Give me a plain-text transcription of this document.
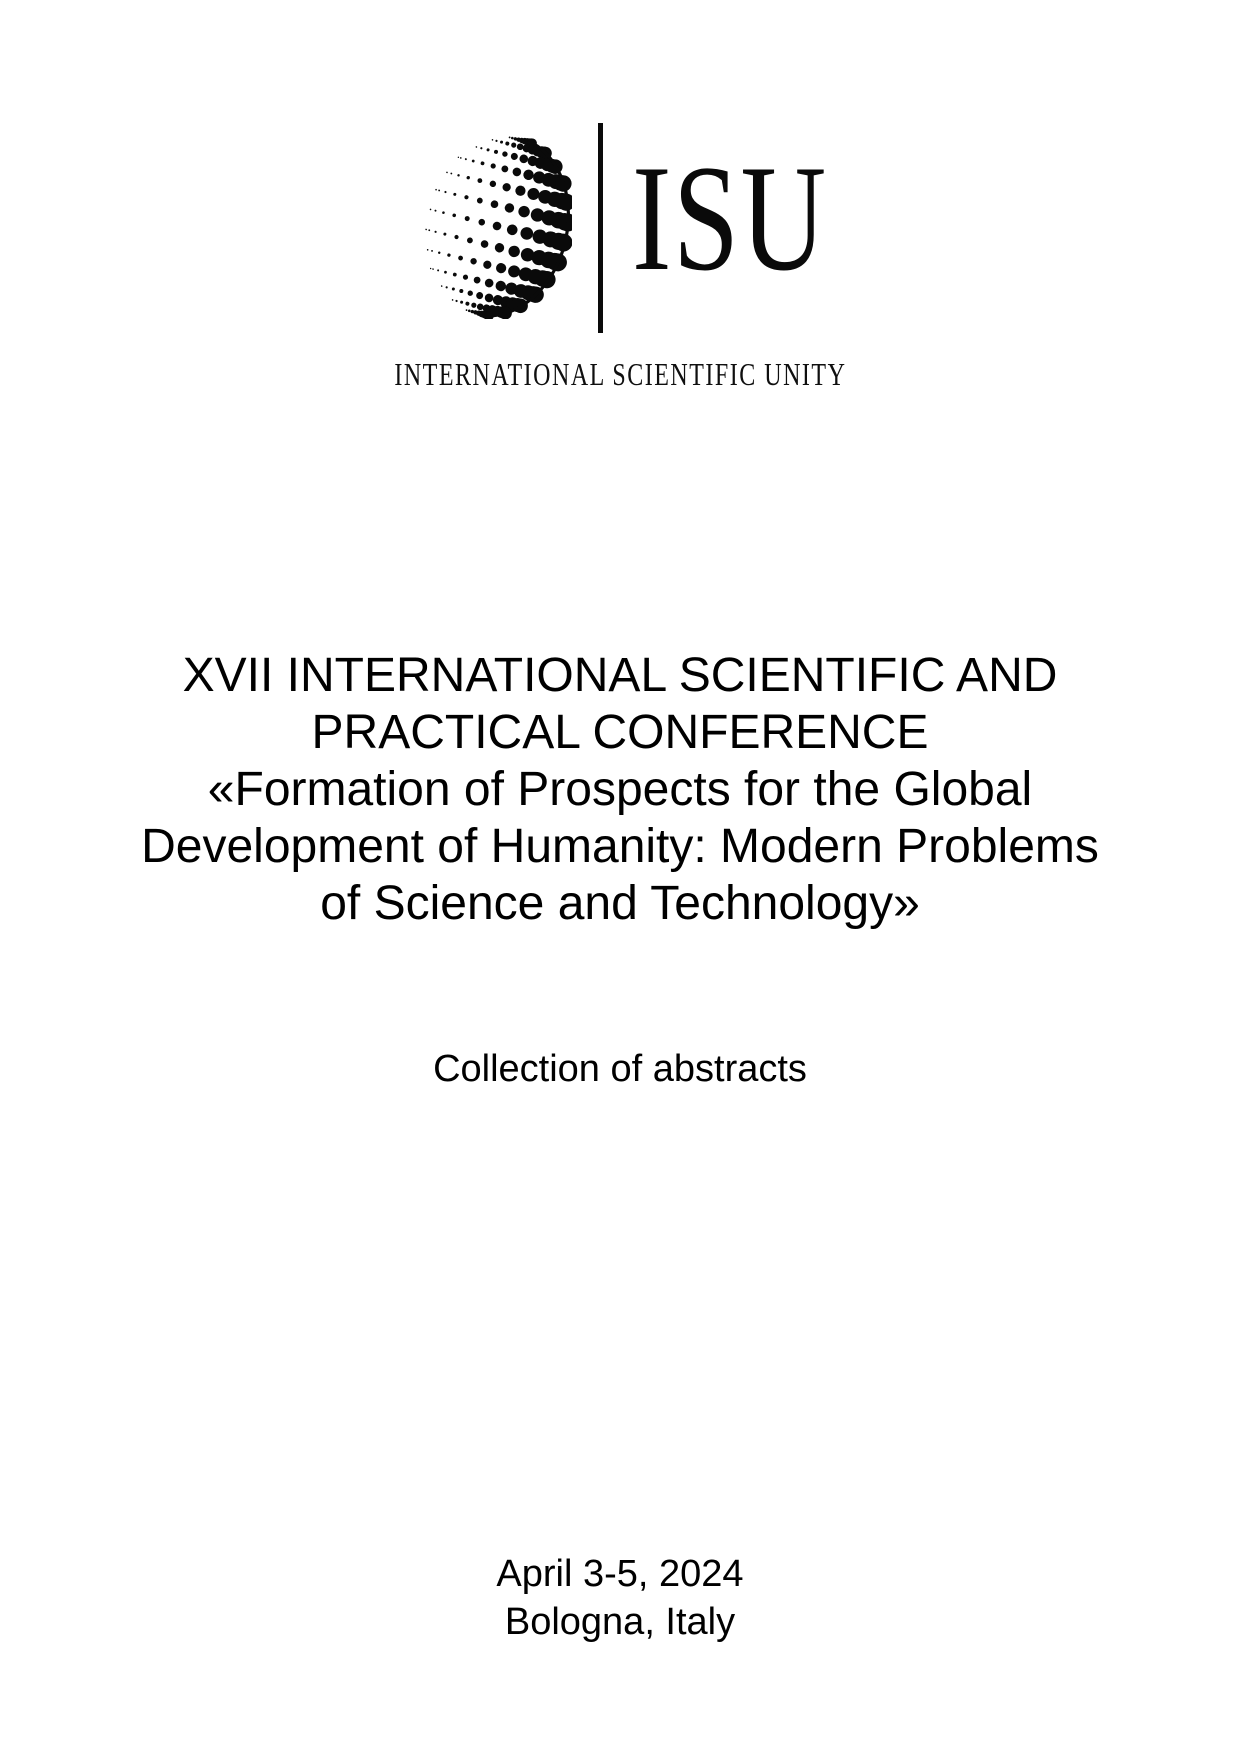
ISU
INTERNATIONAL SCIENTIFIC UNITY
XVII INTERNATIONAL SCIENTIFIC AND
PRACTICAL CONFERENCE
«Formation of Prospects for the Global
Development of Humanity: Modern Problems
of Science and Technology»
Collection of abstracts
April 3-5, 2024
Bologna, Italy
